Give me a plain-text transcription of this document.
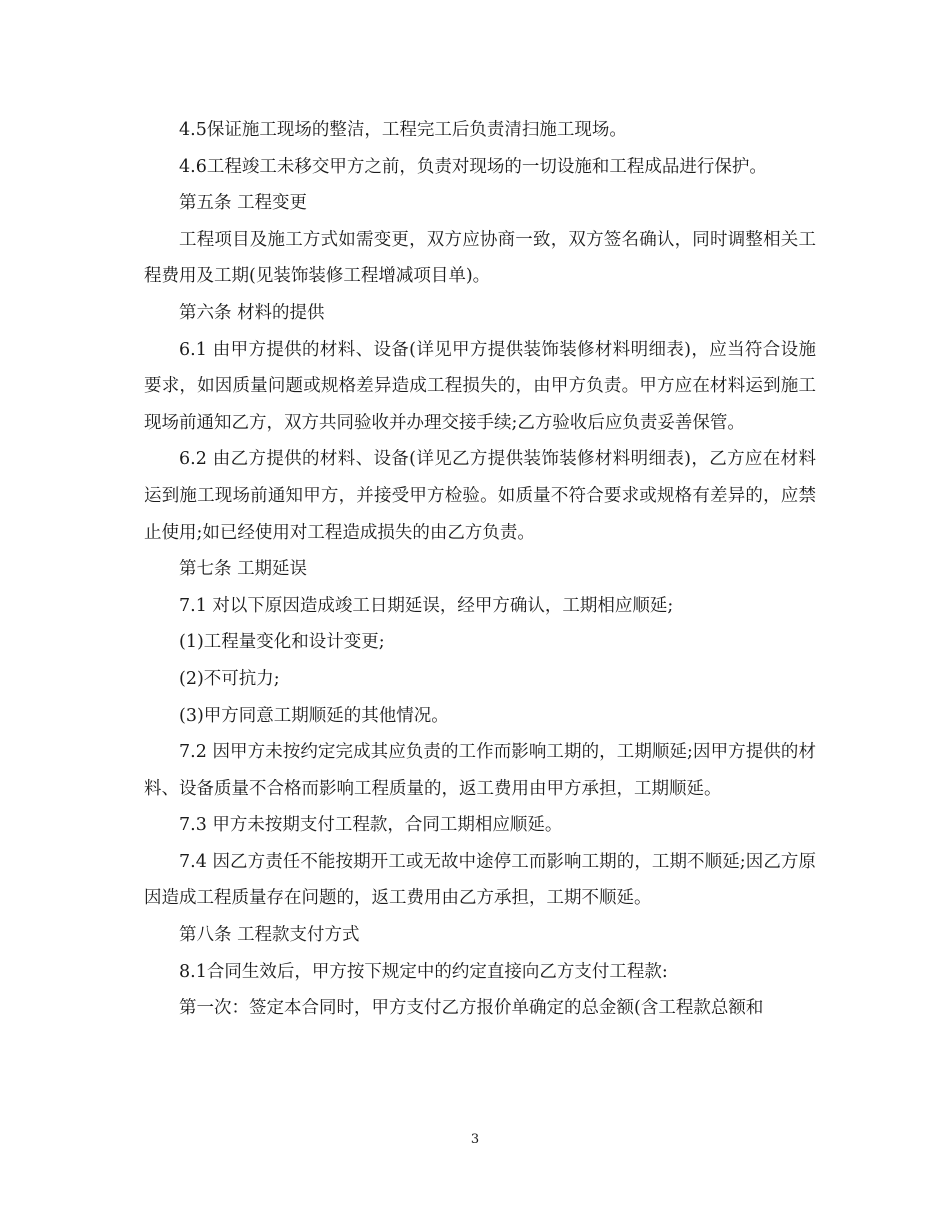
4.5保证施工现场的整洁，工程完工后负责清扫施工现场。

4.6工程竣工未移交甲方之前，负责对现场的一切设施和工程成品进行保护。

第五条 工程变更

工程项目及施工方式如需变更，双方应协商一致，双方签名确认，同时调整相关工程费用及工期(见装饰装修工程增减项目单)。

第六条 材料的提供

6.1 由甲方提供的材料、设备(详见甲方提供装饰装修材料明细表)，应当符合设施要求，如因质量问题或规格差异造成工程损失的，由甲方负责。甲方应在材料运到施工现场前通知乙方，双方共同验收并办理交接手续;乙方验收后应负责妥善保管。

6.2 由乙方提供的材料、设备(详见乙方提供装饰装修材料明细表)，乙方应在材料运到施工现场前通知甲方，并接受甲方检验。如质量不符合要求或规格有差异的，应禁止使用;如已经使用对工程造成损失的由乙方负责。

第七条 工期延误

7.1 对以下原因造成竣工日期延误，经甲方确认，工期相应顺延;

(1)工程量变化和设计变更;

(2)不可抗力;

(3)甲方同意工期顺延的其他情况。

7.2 因甲方未按约定完成其应负责的工作而影响工期的，工期顺延;因甲方提供的材料、设备质量不合格而影响工程质量的，返工费用由甲方承担，工期顺延。

7.3 甲方未按期支付工程款，合同工期相应顺延。

7.4 因乙方责任不能按期开工或无故中途停工而影响工期的，工期不顺延;因乙方原因造成工程质量存在问题的，返工费用由乙方承担，工期不顺延。

第八条 工程款支付方式

8.1合同生效后，甲方按下规定中的约定直接向乙方支付工程款:

第一次：签定本合同时，甲方支付乙方报价单确定的总金额(含工程款总额和

3
